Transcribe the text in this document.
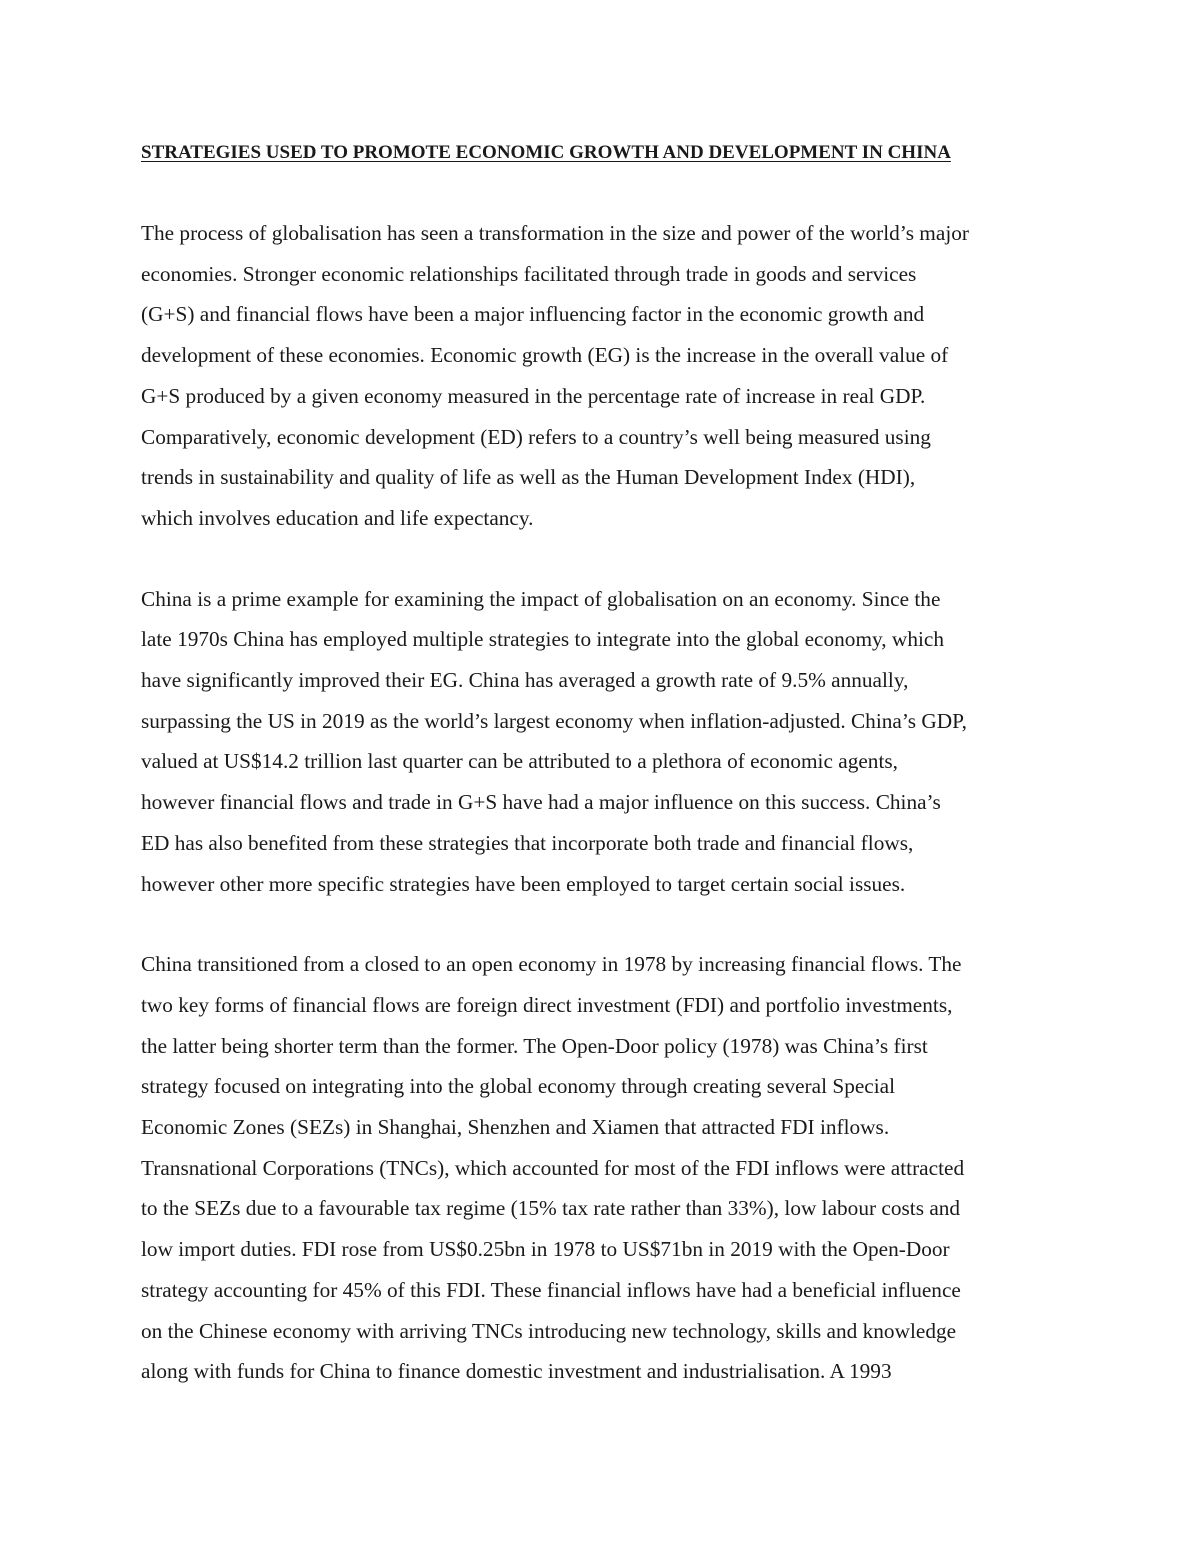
STRATEGIES USED TO PROMOTE ECONOMIC GROWTH AND DEVELOPMENT IN CHINA

The process of globalisation has seen a transformation in the size and power of the world’s major
economies. Stronger economic relationships facilitated through trade in goods and services
(G+S) and financial flows have been a major influencing factor in the economic growth and
development of these economies. Economic growth (EG) is the increase in the overall value of
G+S produced by a given economy measured in the percentage rate of increase in real GDP.
Comparatively, economic development (ED) refers to a country’s well being measured using
trends in sustainability and quality of life as well as the Human Development Index (HDI),
which involves education and life expectancy.

China is a prime example for examining the impact of globalisation on an economy. Since the
late 1970s China has employed multiple strategies to integrate into the global economy, which
have significantly improved their EG. China has averaged a growth rate of 9.5% annually,
surpassing the US in 2019 as the world’s largest economy when inflation-adjusted. China’s GDP,
valued at US$14.2 trillion last quarter can be attributed to a plethora of economic agents,
however financial flows and trade in G+S have had a major influence on this success. China’s
ED has also benefited from these strategies that incorporate both trade and financial flows,
however other more specific strategies have been employed to target certain social issues.

China transitioned from a closed to an open economy in 1978 by increasing financial flows. The
two key forms of financial flows are foreign direct investment (FDI) and portfolio investments,
the latter being shorter term than the former. The Open-Door policy (1978) was China’s first
strategy focused on integrating into the global economy through creating several Special
Economic Zones (SEZs) in Shanghai, Shenzhen and Xiamen that attracted FDI inflows.
Transnational Corporations (TNCs), which accounted for most of the FDI inflows were attracted
to the SEZs due to a favourable tax regime (15% tax rate rather than 33%), low labour costs and
low import duties. FDI rose from US$0.25bn in 1978 to US$71bn in 2019 with the Open-Door
strategy accounting for 45% of this FDI. These financial inflows have had a beneficial influence
on the Chinese economy with arriving TNCs introducing new technology, skills and knowledge
along with funds for China to finance domestic investment and industrialisation. A 1993
